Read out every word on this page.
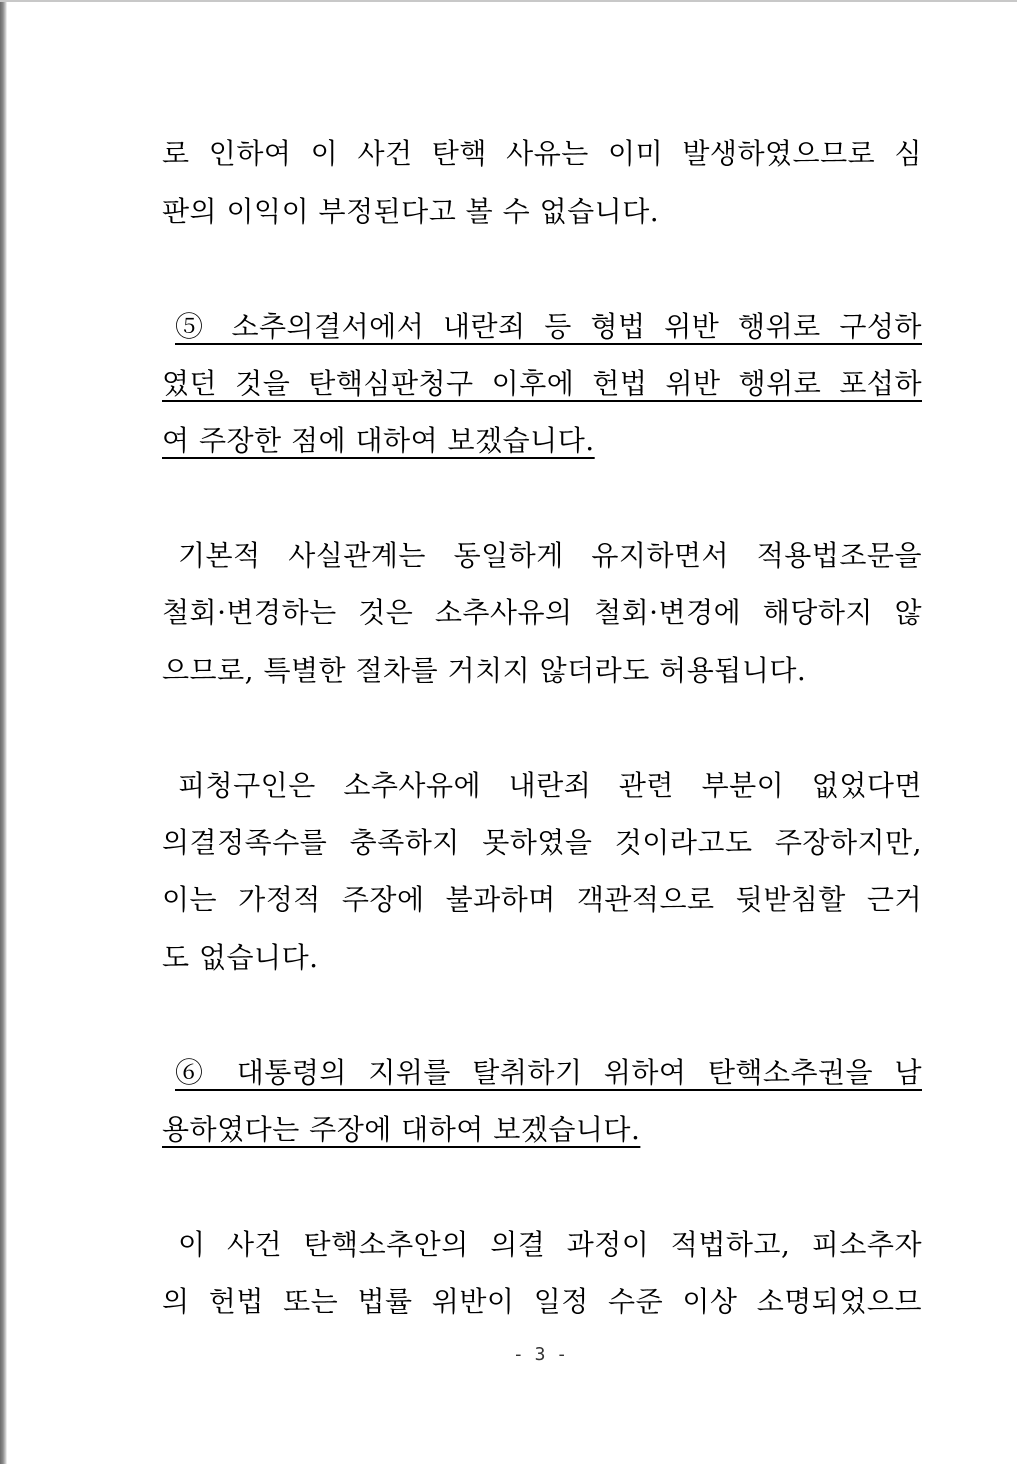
로 인하여 이 사건 탄핵 사유는 이미 발생하였으므로 심
판의 이익이 부정된다고 볼 수 없습니다.
⑤ 소추의결서에서 내란죄 등 형법 위반 행위로 구성하
였던 것을 탄핵심판청구 이후에 헌법 위반 행위로 포섭하
여 주장한 점에 대하여 보겠습니다.
기본적 사실관계는 동일하게 유지하면서 적용법조문을
철회·변경하는 것은 소추사유의 철회·변경에 해당하지 않
으므로, 특별한 절차를 거치지 않더라도 허용됩니다.
피청구인은 소추사유에 내란죄 관련 부분이 없었다면
의결정족수를 충족하지 못하였을 것이라고도 주장하지만,
이는 가정적 주장에 불과하며 객관적으로 뒷받침할 근거
도 없습니다.
⑥ 대통령의 지위를 탈취하기 위하여 탄핵소추권을 남
용하였다는 주장에 대하여 보겠습니다.
이 사건 탄핵소추안의 의결 과정이 적법하고, 피소추자
의 헌법 또는 법률 위반이 일정 수준 이상 소명되었으므
- 3 -
